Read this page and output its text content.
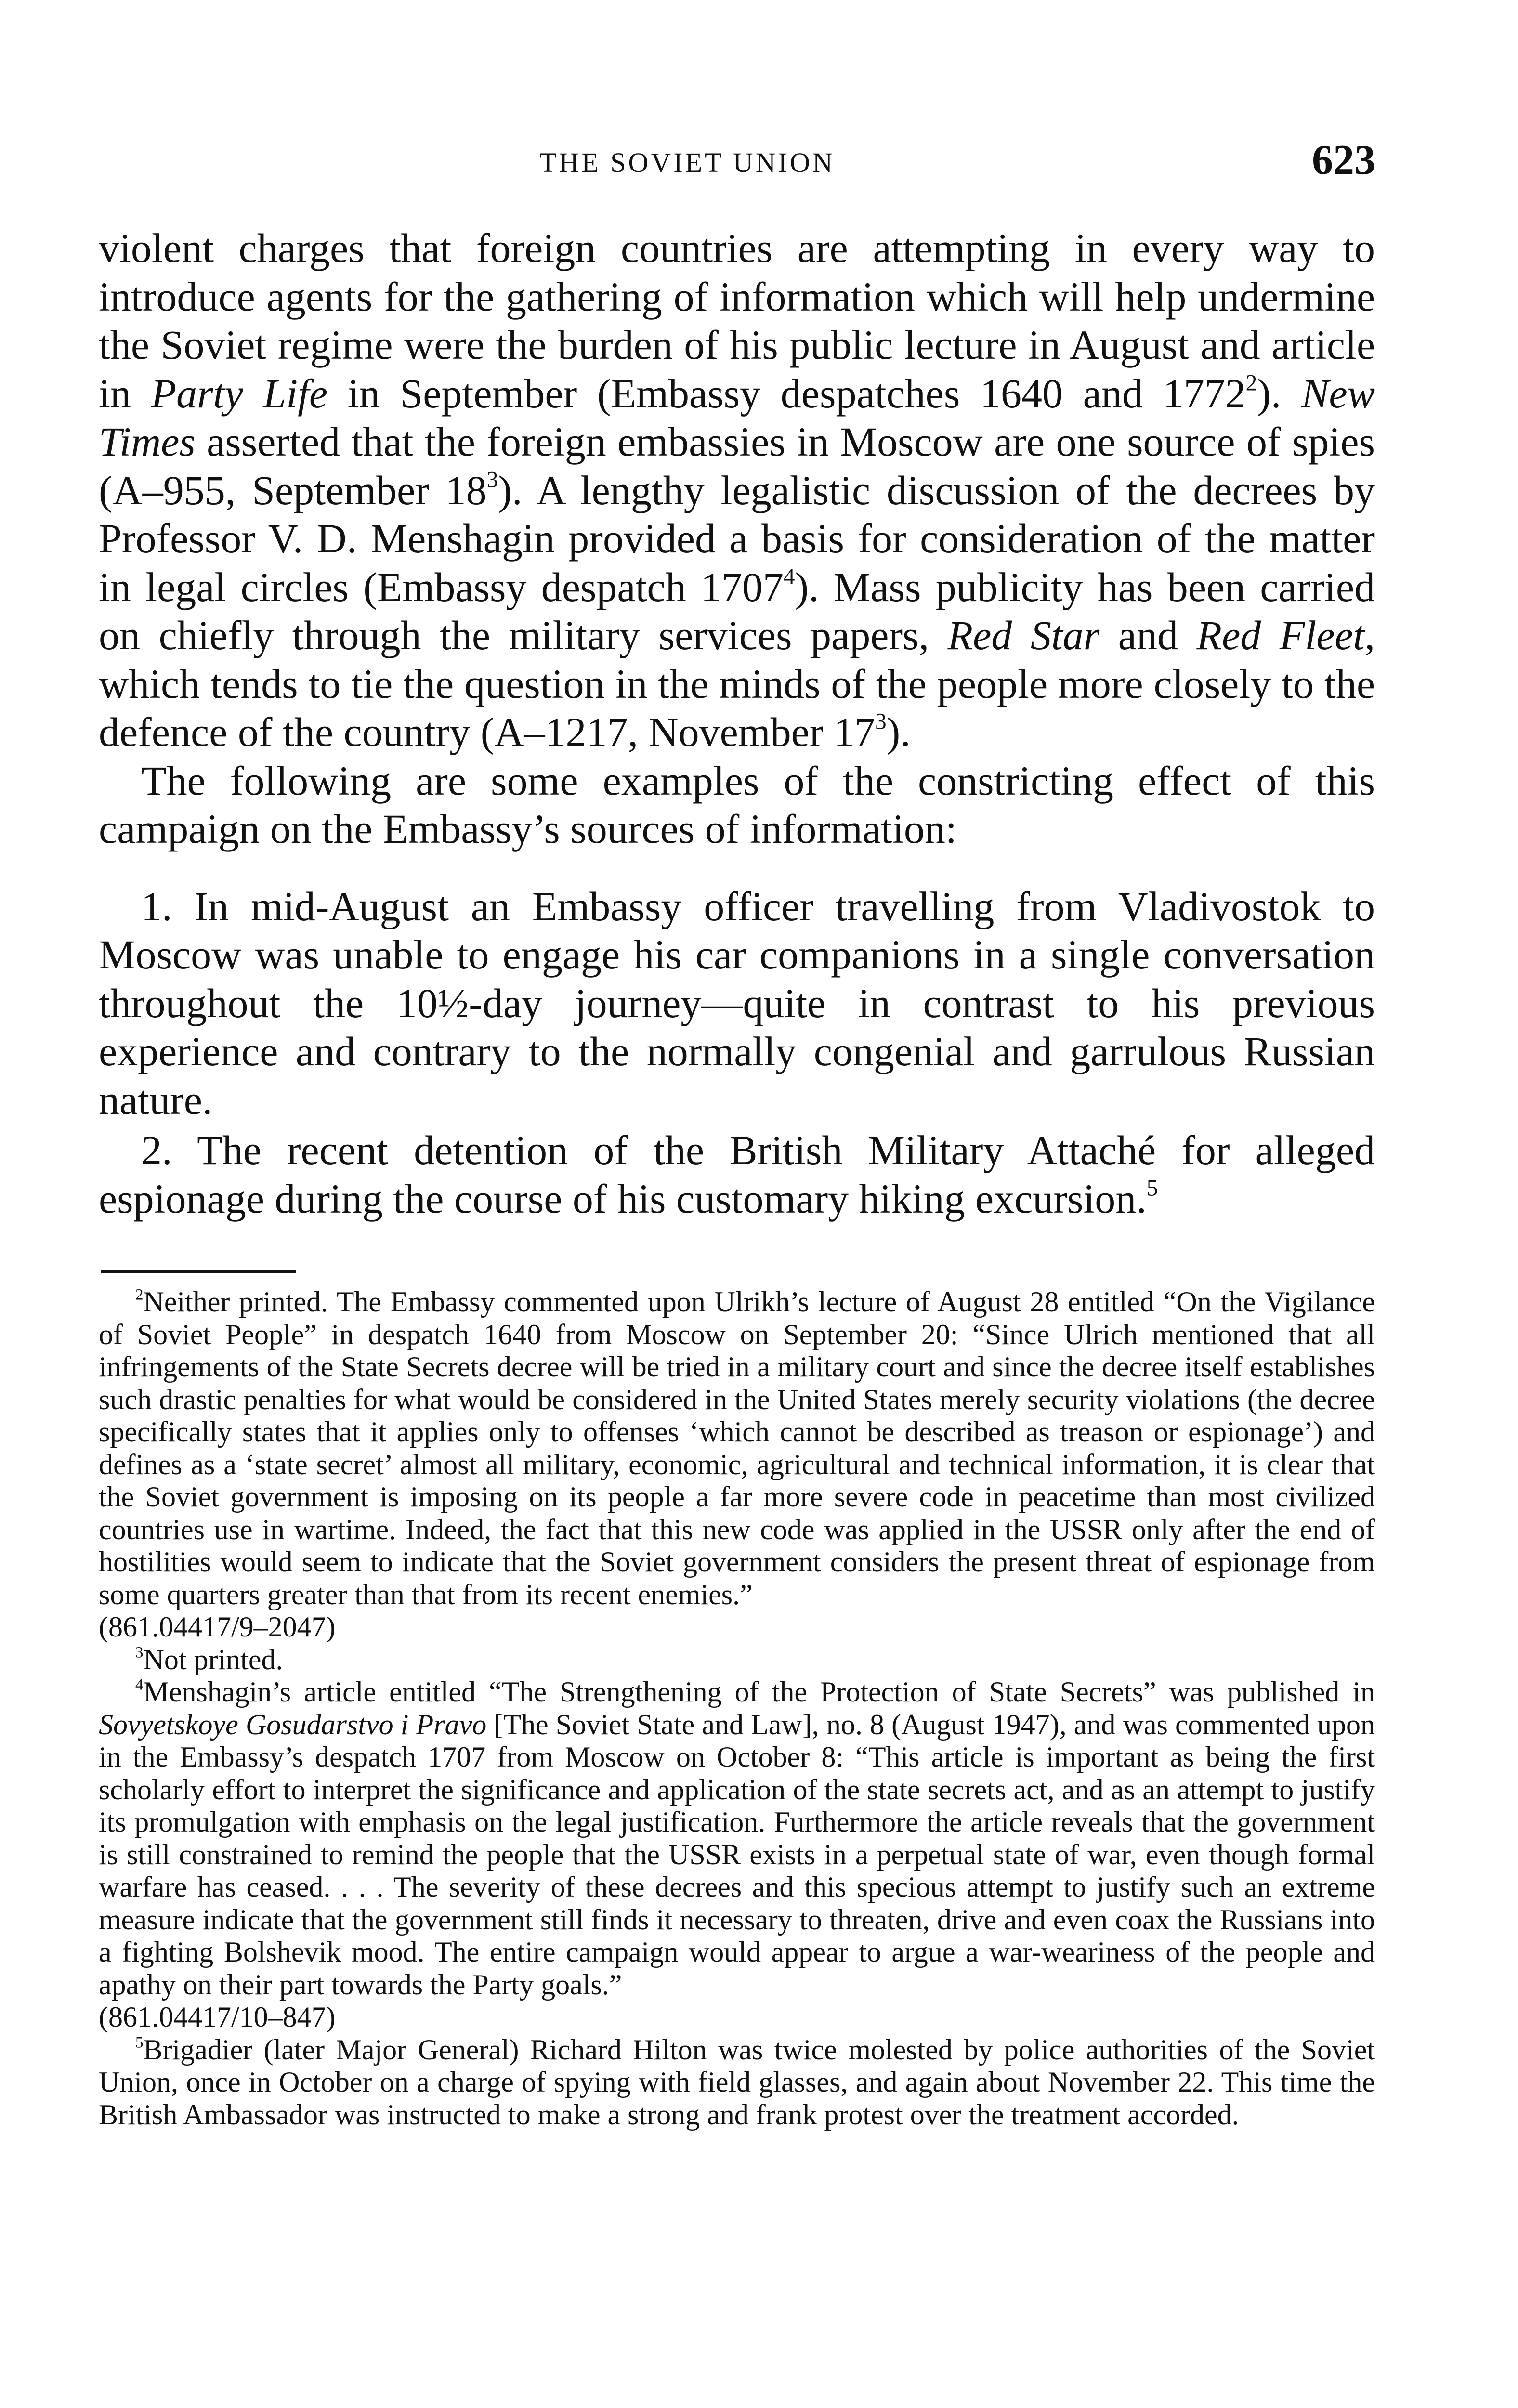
THE SOVIET UNION	623

violent charges that foreign countries are attempting in every way to introduce agents for the gathering of information which will help undermine the Soviet regime were the burden of his public lecture in August and article in Party Life in September (Embassy despatches 1640 and 1772$^2$). New Times asserted that the foreign embassies in Moscow are one source of spies (A–955, September $18^3$). A lengthy legalistic discussion of the decrees by Professor V. D. Menshagin provided a basis for consideration of the matter in legal circles (Embassy despatch 1707$^4$). Mass publicity has been carried on chiefly through the military services papers, Red Star and Red Fleet, which tends to tie the question in the minds of the people more closely to the defence of the country (A–1217, November $17^3$).

The following are some examples of the constricting effect of this campaign on the Embassy’s sources of information:

1. In mid-August an Embassy officer travelling from Vladivostok to Moscow was unable to engage his car companions in a single conversation throughout the 10½-day journey—quite in contrast to his previous experience and contrary to the normally congenial and garrulous Russian nature.

2. The recent detention of the British Military Attaché for alleged espionage during the course of his customary hiking excursion.$^5$

$^2$Neither printed. The Embassy commented upon Ulrikh’s lecture of August 28 entitled “On the Vigilance of Soviet People” in despatch 1640 from Moscow on September 20: “Since Ulrich mentioned that all infringements of the State Secrets decree will be tried in a military court and since the decree itself establishes such drastic penalties for what would be considered in the United States merely security violations (the decree specifically states that it applies only to offenses ‘which cannot be described as treason or espionage’) and defines as a ‘state secret’ almost all military, economic, agricultural and technical information, it is clear that the Soviet government is imposing on its people a far more severe code in peacetime than most civilized countries use in wartime. Indeed, the fact that this new code was applied in the USSR only after the end of hostilities would seem to indicate that the Soviet government considers the present threat of espionage from some quarters greater than that from its recent enemies.”

(861.04417/9–2047)

$^3$Not printed.

$^4$Menshagin’s article entitled “The Strengthening of the Protection of State Secrets” was published in Sovyetskoye Gosudarstvo i Pravo [The Soviet State and Law], no. 8 (August 1947), and was commented upon in the Embassy’s despatch 1707 from Moscow on October 8: “This article is important as being the first scholarly effort to interpret the significance and application of the state secrets act, and as an attempt to justify its promulgation with emphasis on the legal justification. Furthermore the article reveals that the government is still constrained to remind the people that the USSR exists in a perpetual state of war, even though formal warfare has ceased. . . . The severity of these decrees and this specious attempt to justify such an extreme measure indicate that the government still finds it necessary to threaten, drive and even coax the Russians into a fighting Bolshevik mood. The entire campaign would appear to argue a war-weariness of the people and apathy on their part towards the Party goals.”

(861.04417/10–847)

$^5$Brigadier (later Major General) Richard Hilton was twice molested by police authorities of the Soviet Union, once in October on a charge of spying with field glasses, and again about November 22. This time the British Ambassador was instructed to make a strong and frank protest over the treatment accorded.
